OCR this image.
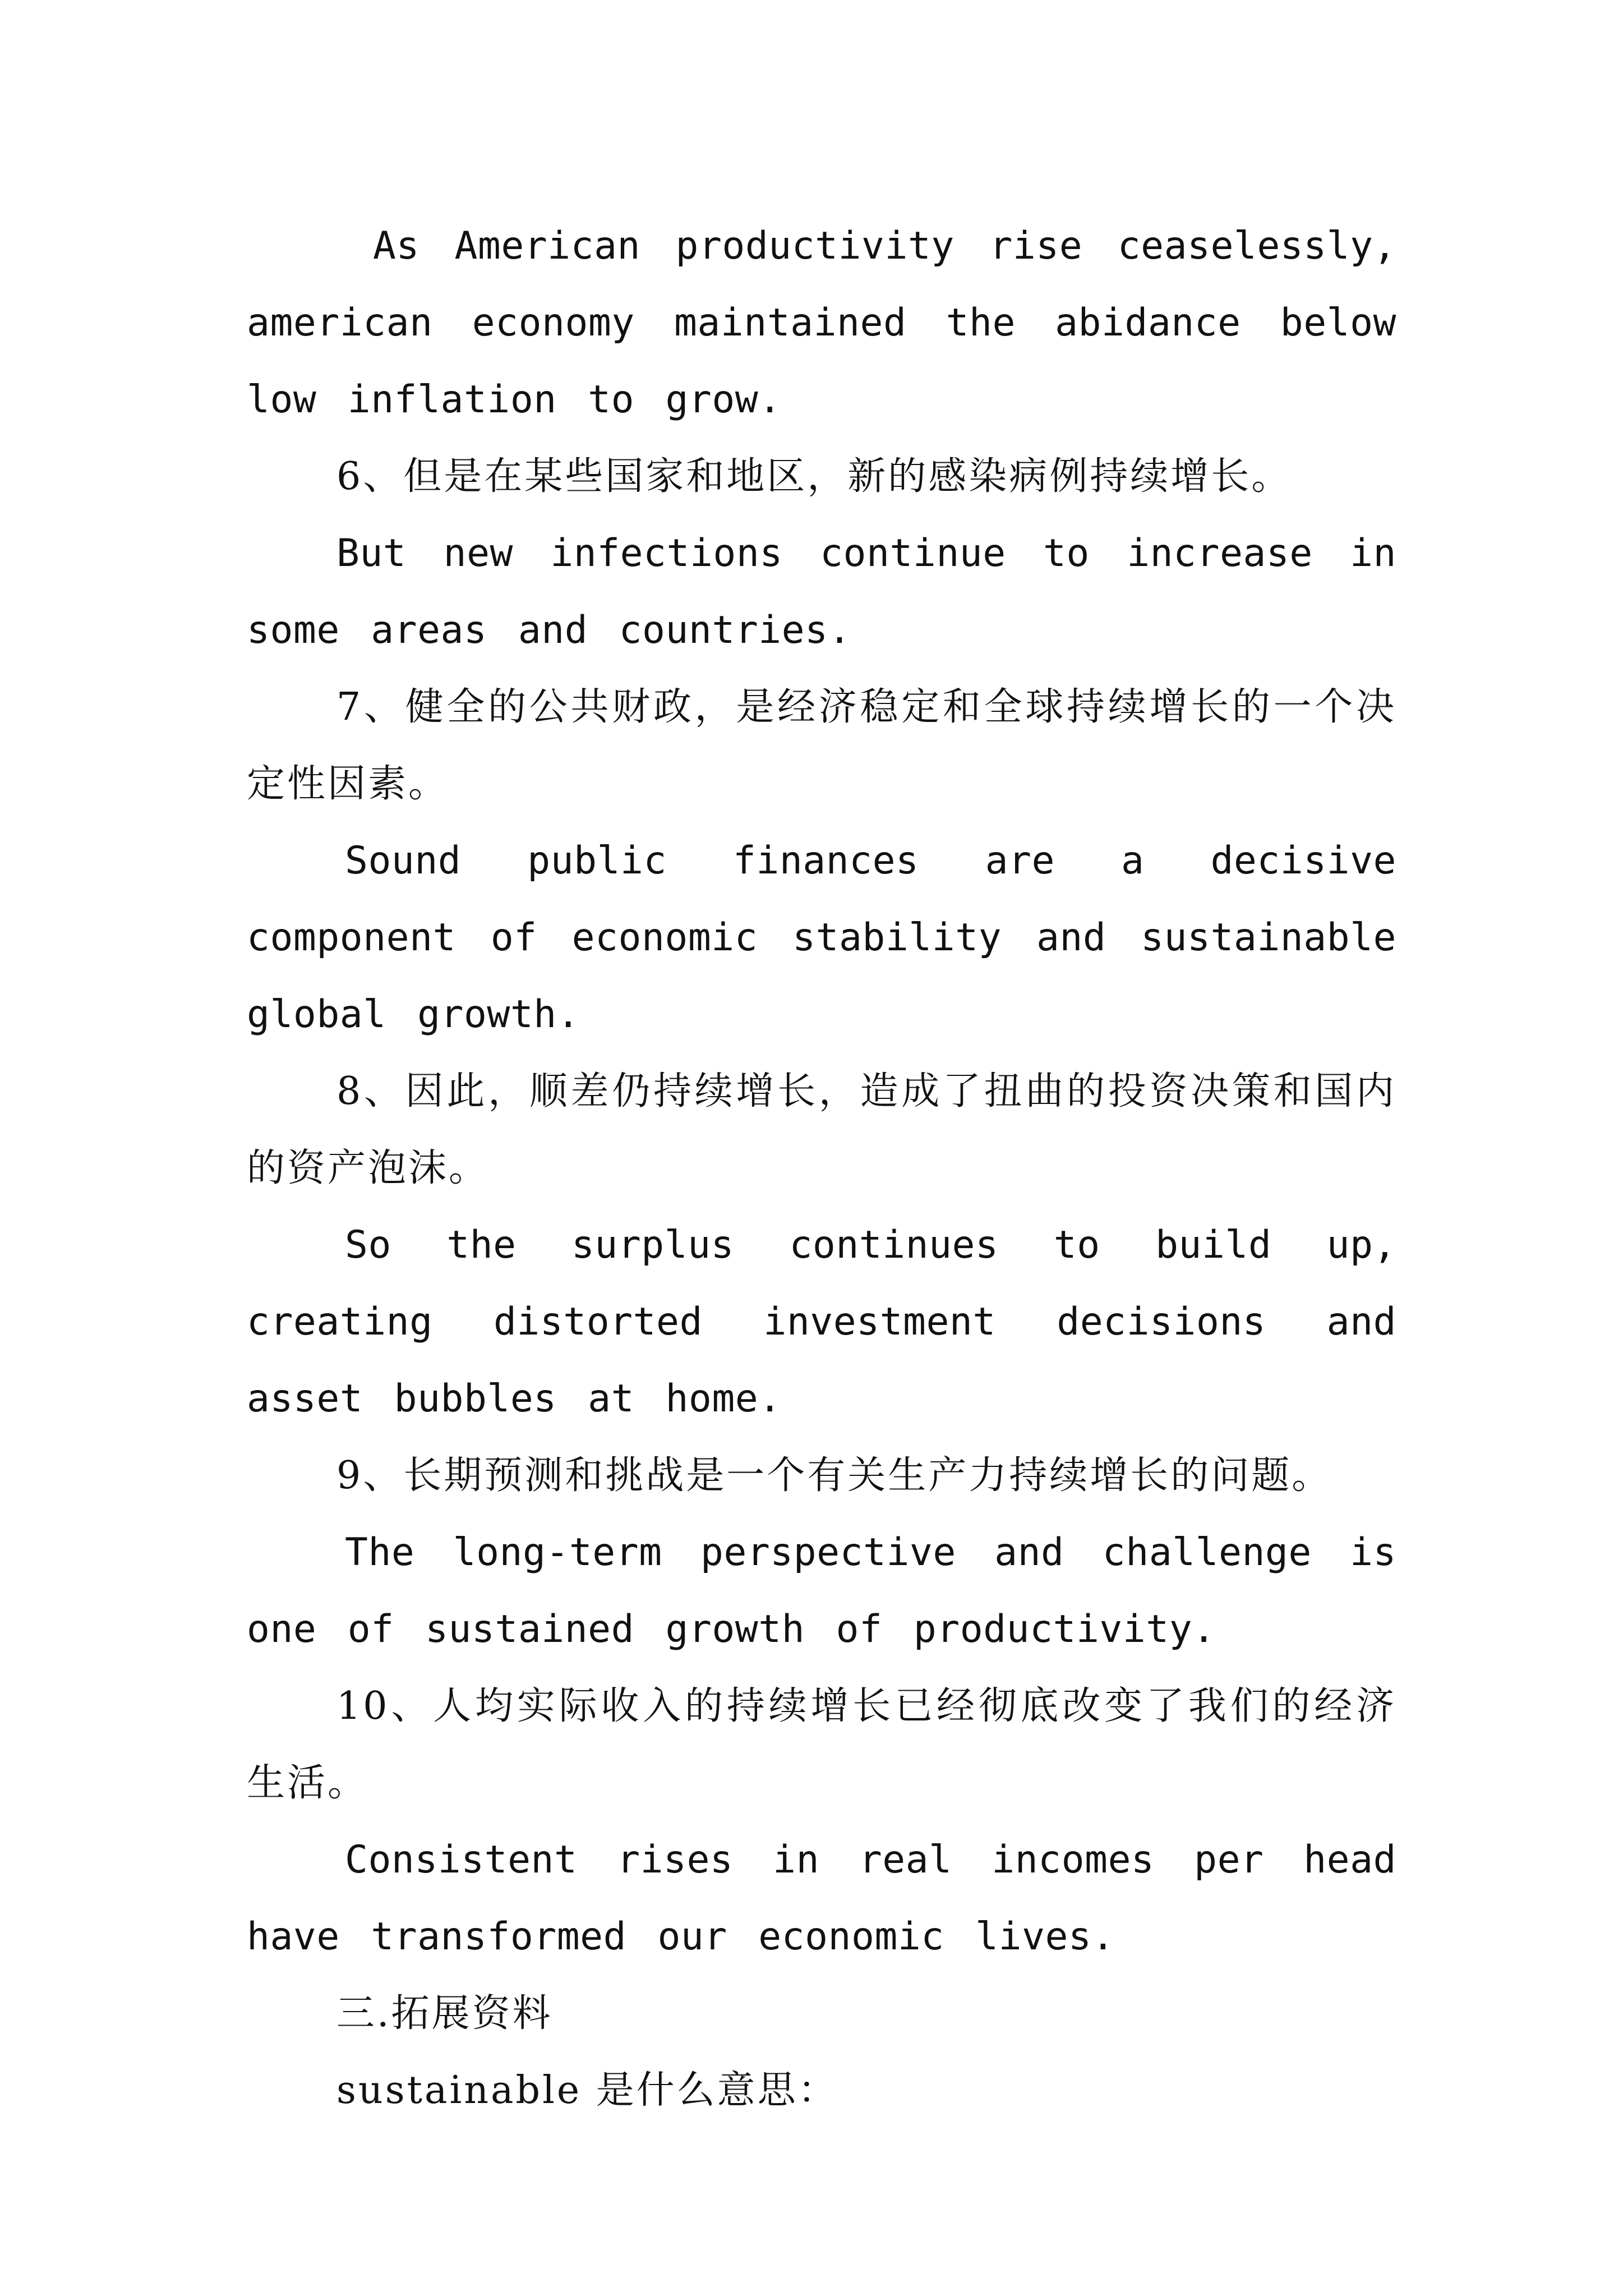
As American productivity rise ceaselessly, american economy maintained the abidance below low inflation to grow.

6、但是在某些国家和地区，新的感染病例持续增长。

But new infections continue to increase in some areas and countries.

7、健全的公共财政，是经济稳定和全球持续增长的一个决定性因素。

Sound public finances are a decisive component of economic stability and sustainable global growth.

8、因此，顺差仍持续增长，造成了扭曲的投资决策和国内的资产泡沫。

So the surplus continues to build up, creating distorted investment decisions and asset bubbles at home.

9、长期预测和挑战是一个有关生产力持续增长的问题。

The long-term perspective and challenge is one of sustained growth of productivity.

10、人均实际收入的持续增长已经彻底改变了我们的经济生活。

Consistent rises in real incomes per head have transformed our economic lives.

三.拓展资料

sustainable 是什么意思：
